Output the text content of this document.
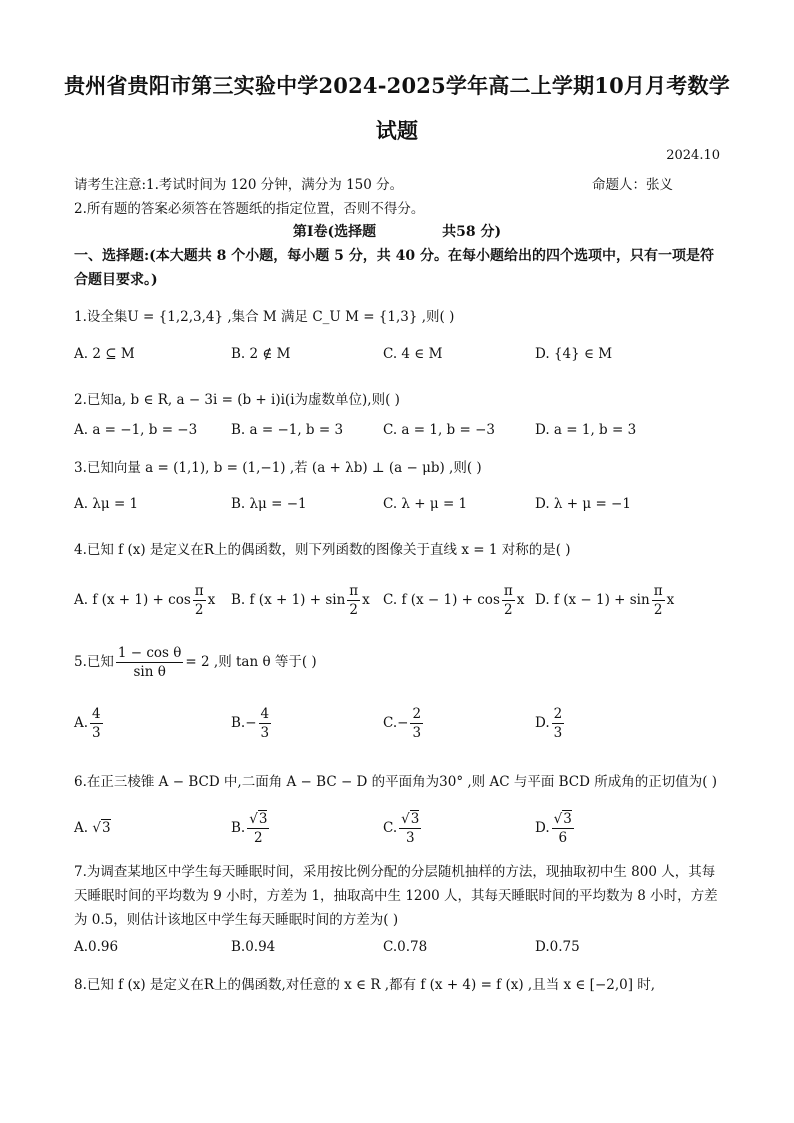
贵州省贵阳市第三实验中学2024-2025学年高二上学期10月月考数学
试题
2024.10
请考生注意:1.考试时间为 120 分钟，满分为 150 分。	命题人：张义
2.所有题的答案必须答在答题纸的指定位置，否则不得分。
第Ⅰ卷(选择题	共58 分)
一、选择题:(本大题共 8 个小题，每小题 5 分，共 40 分。在每小题给出的四个选项中，只有一项是符合题目要求。)
1.设全集U = {1,2,3,4} ,集合 M 满足 C_U M = {1,3} ,则( )
A. 2 ⊆ M	B. 2 ∉ M	C. 4 ∈ M	D. {4} ∈ M
2.已知a, b ∈ R, a − 3i = (b + i)i(i为虚数单位),则( )
A. a = −1, b = −3	B. a = −1, b = 3	C. a = 1, b = −3	D. a = 1, b = 3
3.已知向量 a = (1,1), b = (1,−1) ,若 (a + λb) ⊥ (a − μb) ,则( )
A. λμ = 1	B. λμ = −1	C. λ + μ = 1	D. λ + μ = −1
4.已知 f (x) 是定义在R上的偶函数，则下列函数的图像关于直线 x = 1 对称的是( )
A. f $(x + 1) + \cos \frac{\pi}{2}$ x B. f $(x + 1) + \sin \frac{\pi}{2}$ x C. f $(x - 1) + \cos \frac{\pi}{2}$ x D. f $(x - 1) + \sin \frac{\pi}{2}$ x
5.已知 $\frac{\text{1 − cos θ}}{\text{sin θ}} = 2$ ,则 tan θ 等于( )
A. $\frac{4}{3}$	$B.- \frac{4}{3}$	$C.- \frac{2}{3}$	D. $\frac{2}{3}$
6.在正三棱锥 A − BCD 中,二面角 A − BC − D 的平面角为30° ,则 AC 与平面 BCD 所成角的正切值为( )
A. √3	B. $\frac{√3}{2}$	C. $\frac{√3}{3}$	D. $\frac{√3}{6}$
7.为调查某地区中学生每天睡眠时间，采用按比例分配的分层随机抽样的方法，现抽取初中生 800 人，其每天睡眠时间的平均数为 9 小时，方差为 1，抽取高中生 1200 人，其每天睡眠时间的平均数为 8 小时，方差为 0.5，则估计该地区中学生每天睡眠时间的方差为( )
A.0.96	B.0.94	C.0.78	D.0.75
8.已知 f (x) 是定义在R上的偶函数,对任意的 x ∈ R ,都有 f (x + 4) = f (x) ,且当 x ∈ [−2,0] 时,
